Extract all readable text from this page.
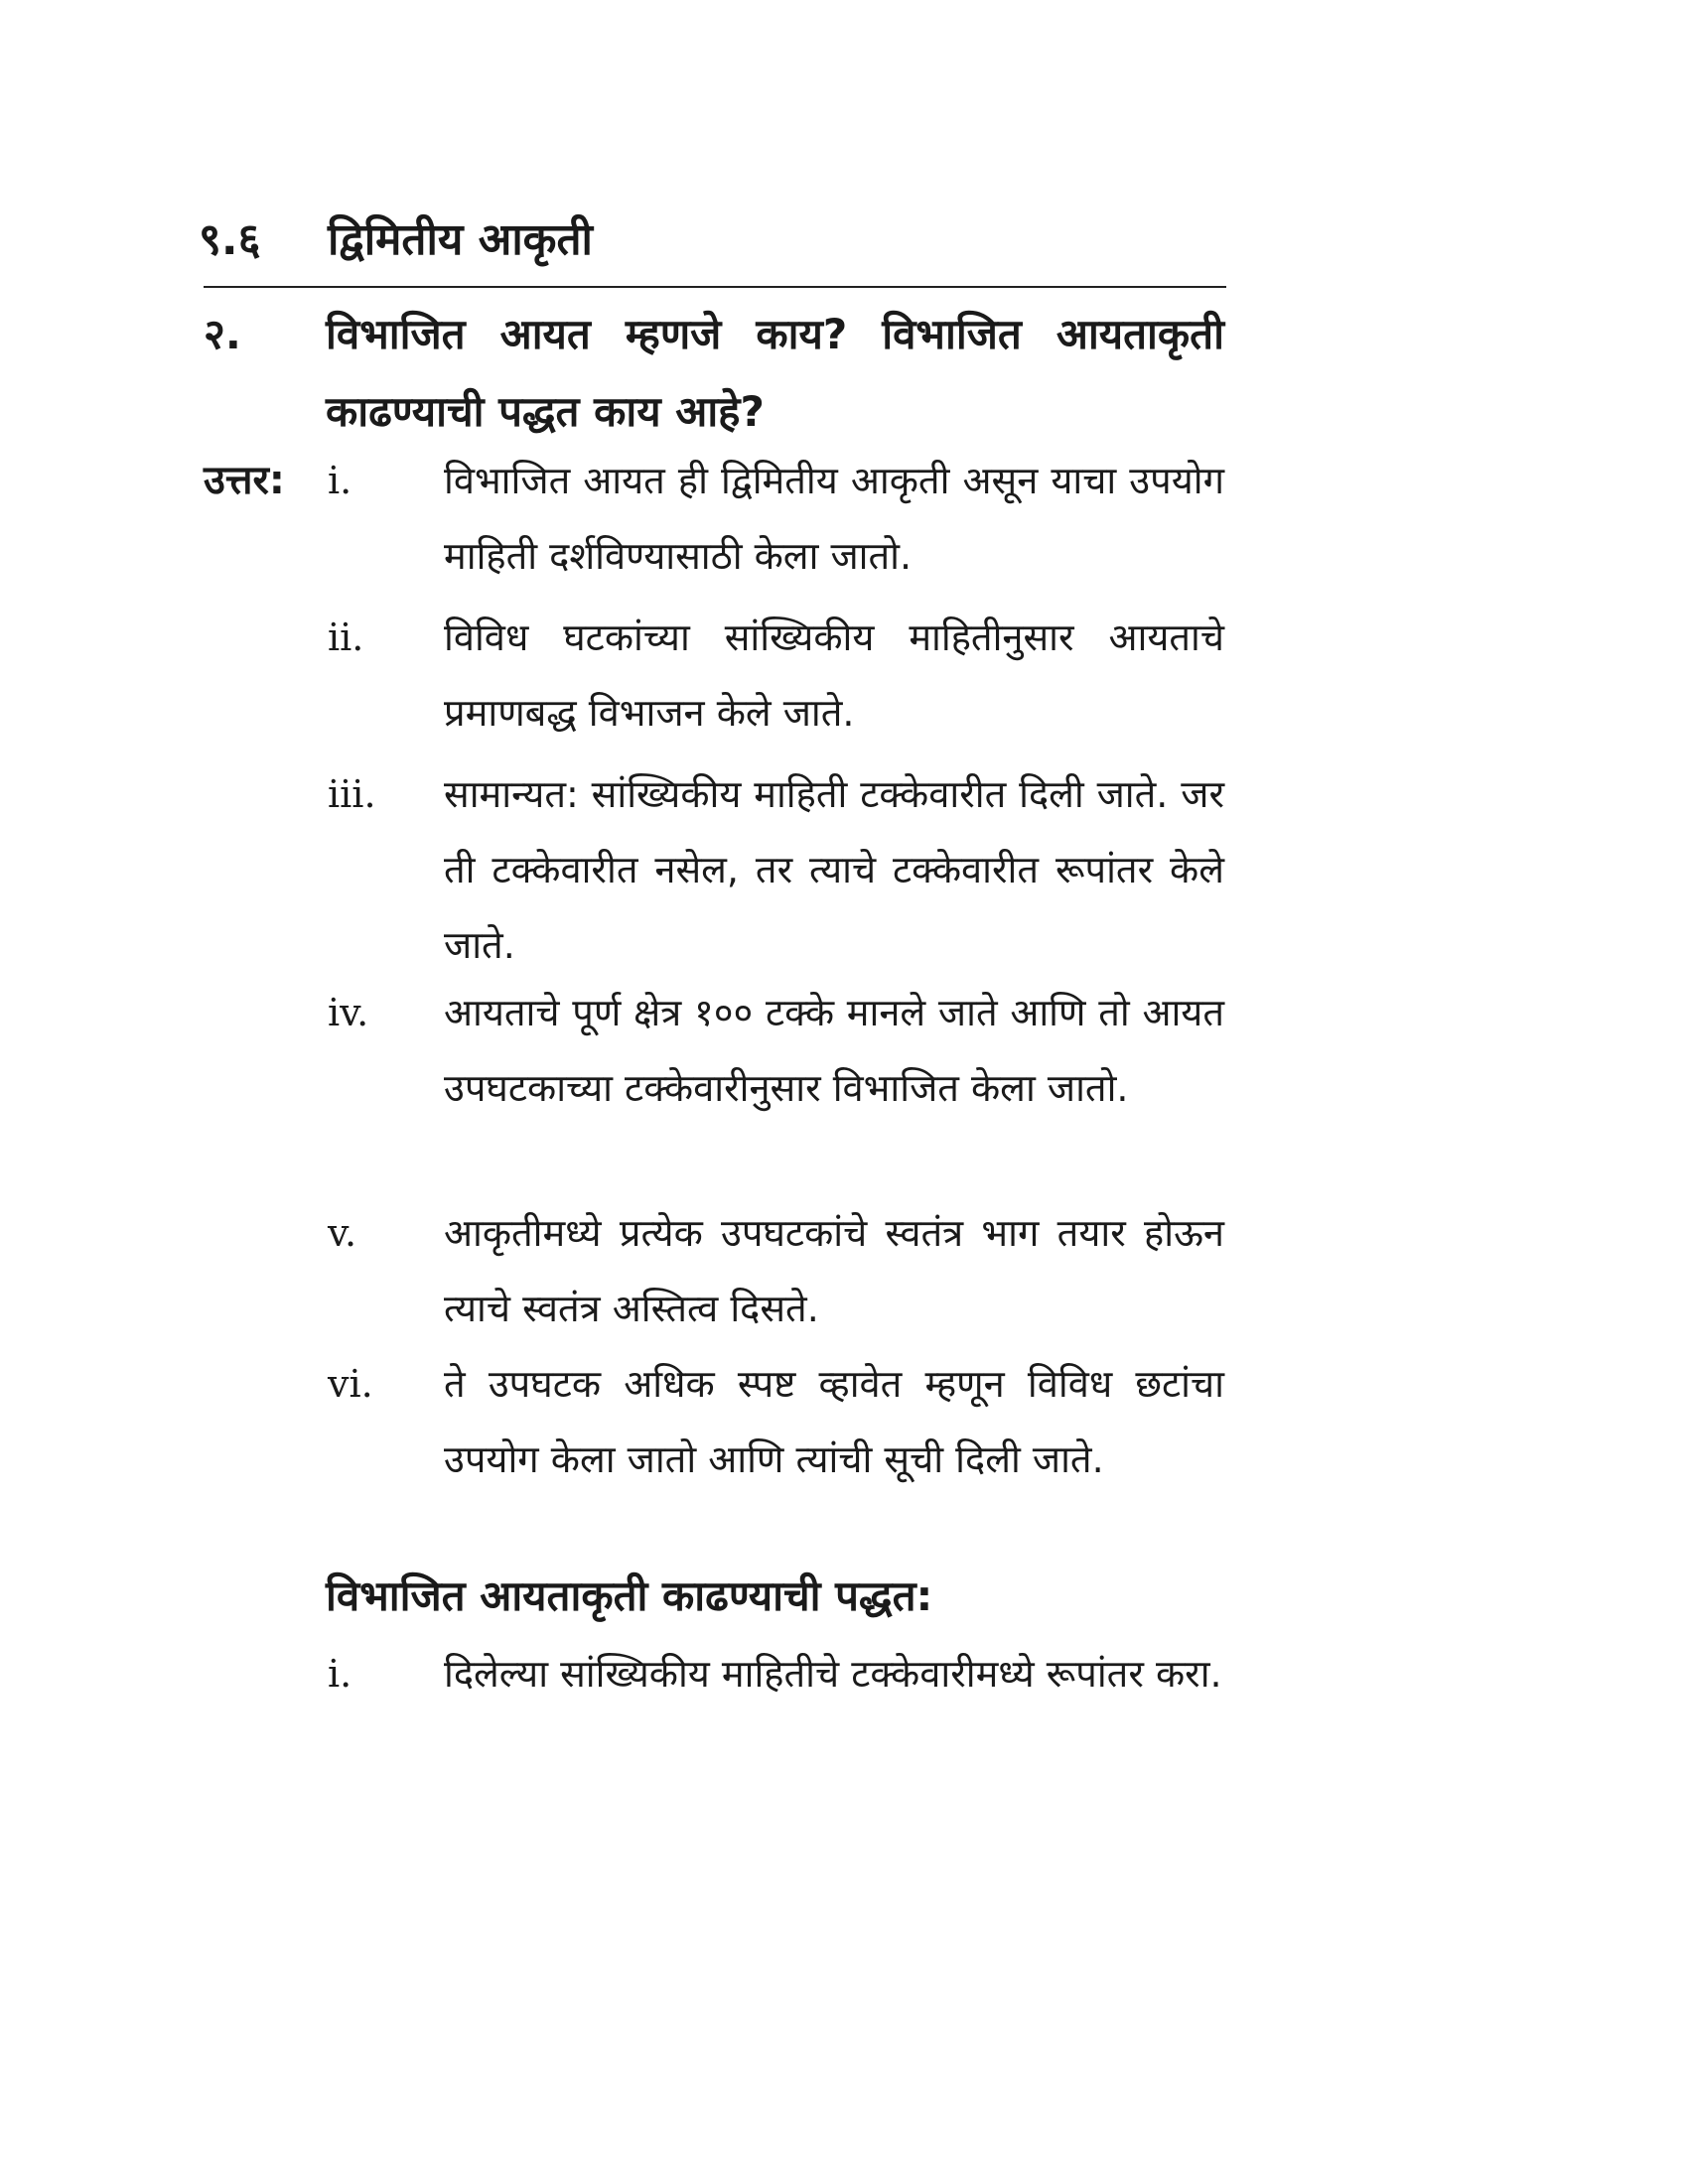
९.६ द्विमितीय आकृती
२. विभाजित आयत म्हणजे काय? विभाजित आयताकृती काढण्याची पद्धत काय आहे?
उत्तर: i. विभाजित आयत ही द्विमितीय आकृती असून याचा उपयोग माहिती दर्शविण्यासाठी केला जातो.
ii. विविध घटकांच्या सांख्यिकीय माहितीनुसार आयताचे प्रमाणबद्ध विभाजन केले जाते.
iii. सामान्यत: सांख्यिकीय माहिती टक्केवारीत दिली जाते. जर ती टक्केवारीत नसेल, तर त्याचे टक्केवारीत रूपांतर केले जाते.
iv. आयताचे पूर्ण क्षेत्र १०० टक्के मानले जाते आणि तो आयत उपघटकाच्या टक्केवारीनुसार विभाजित केला जातो.
v. आकृतीमध्ये प्रत्येक उपघटकांचे स्वतंत्र भाग तयार होऊन त्याचे स्वतंत्र अस्तित्व दिसते.
vi. ते उपघटक अधिक स्पष्ट व्हावेत म्हणून विविध छटांचा उपयोग केला जातो आणि त्यांची सूची दिली जाते.
विभाजित आयताकृती काढण्याची पद्धत:
i. दिलेल्या सांख्यिकीय माहितीचे टक्केवारीमध्ये रूपांतर करा.
